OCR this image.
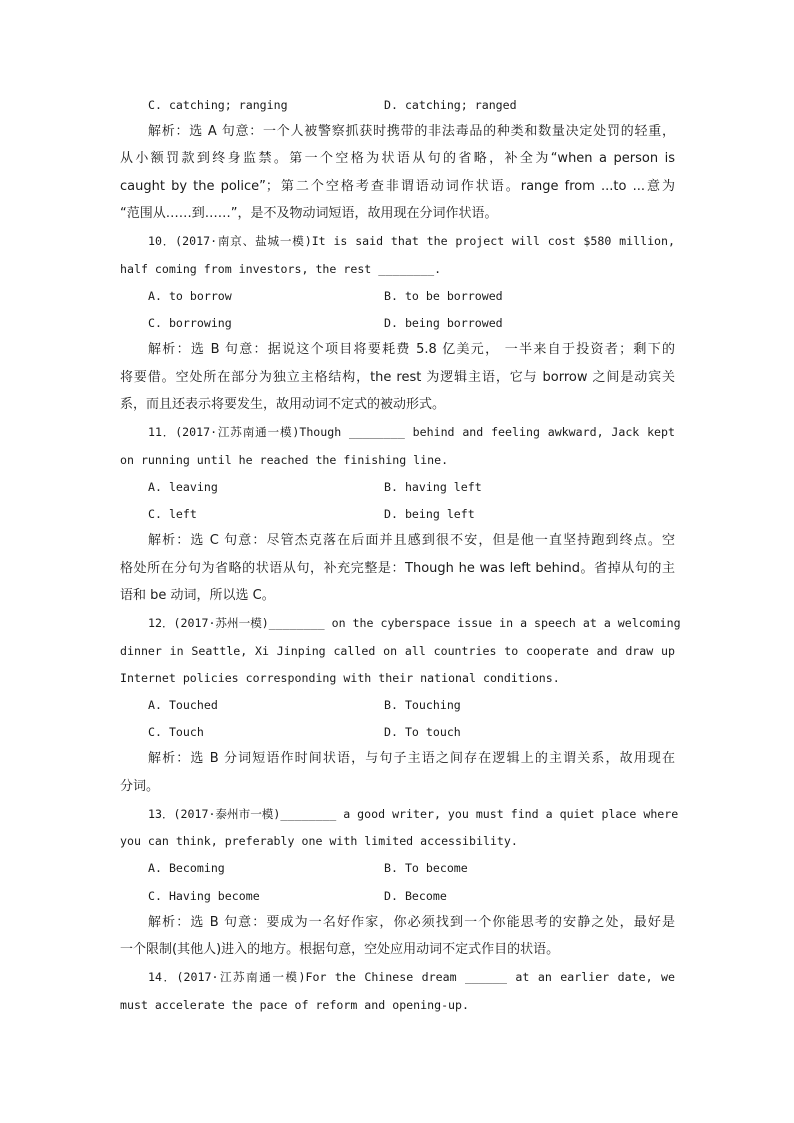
C. catching; ranging	D. catching; ranged
解析：选 A 句意：一个人被警察抓获时携带的非法毒品的种类和数量决定处罚的轻重，
从小额罚款到终身监禁。第一个空格为状语从句的省略，补全为“when a person is
caught by the police”；第二个空格考查非谓语动词作状语。range from ...to ...意为
“范围从……到……”，是不及物动词短语，故用现在分词作状语。
10．(2017·南京、盐城一模)It is said that the project will cost $580 million,
half coming from investors, the rest ________.
A. to borrow	B. to be borrowed
C. borrowing	D. being borrowed
解析：选 B 句意：据说这个项目将要耗费 5.8 亿美元， 一半来自于投资者；剩下的
将要借。空处所在部分为独立主格结构，the rest 为逻辑主语，它与 borrow 之间是动宾关
系，而且还表示将要发生，故用动词不定式的被动形式。
11．(2017·江苏南通一模)Though ________ behind and feeling awkward, Jack kept
on running until he reached the finishing line.
A. leaving	B. having left
C. left	D. being left
解析：选 C 句意：尽管杰克落在后面并且感到很不安，但是他一直坚持跑到终点。空
格处所在分句为省略的状语从句，补充完整是：Though he was left behind。省掉从句的主
语和 be 动词，所以选 C。
12．(2017·苏州一模)________ on the cyberspace issue in a speech at a welcoming
dinner in Seattle, Xi Jinping called on all countries to cooperate and draw up
Internet policies corresponding with their national conditions.
A. Touched	B. Touching
C. Touch	D. To touch
解析：选 B 分词短语作时间状语，与句子主语之间存在逻辑上的主谓关系，故用现在
分词。
13．(2017·泰州市一模)________ a good writer, you must find a quiet place where
you can think, preferably one with limited accessibility.
A. Becoming	B. To become
C. Having become	D. Become
解析：选 B 句意：要成为一名好作家，你必须找到一个你能思考的安静之处，最好是
一个限制(其他人)进入的地方。根据句意，空处应用动词不定式作目的状语。
14．(2017·江苏南通一模)For the Chinese dream ______ at an earlier date, we
must accelerate the pace of reform and opening-up.
